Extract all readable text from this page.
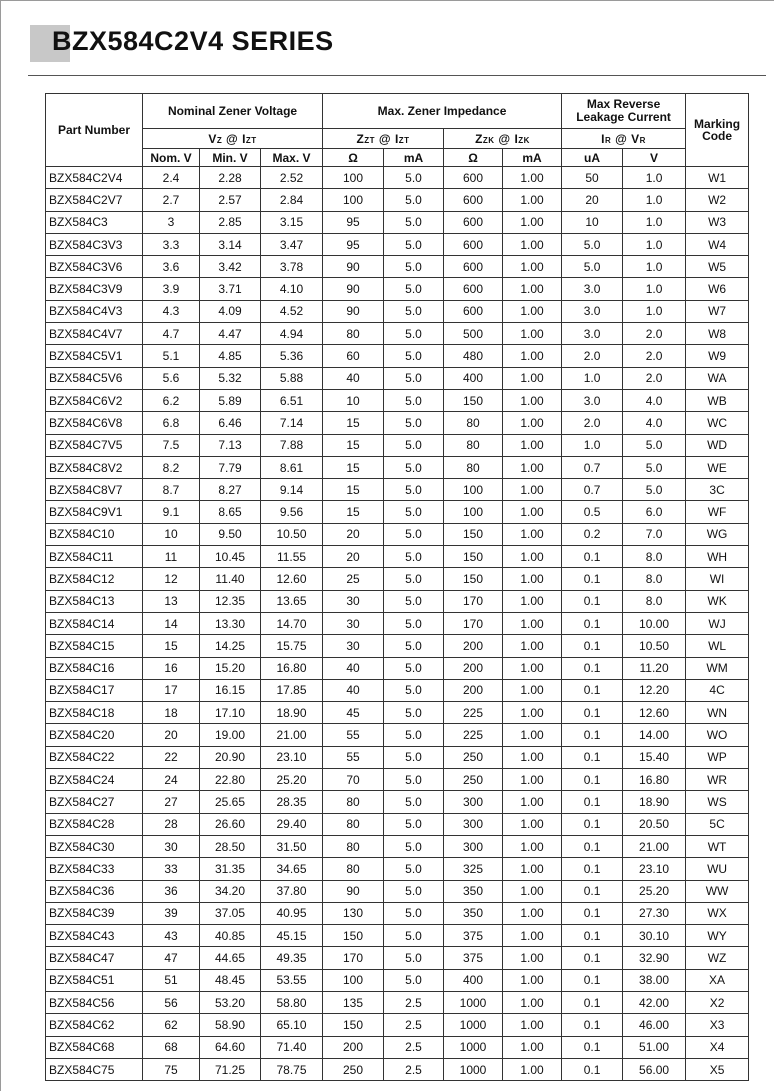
BZX584C2V4 SERIES
Part Number	Nominal Zener Voltage			Max. Zener Impedance				Max Reverse
Leakage Current		Marking
Code
	VZ @ IZT			ZZT @ IZT		ZZK @ IZK		IR @ VR		
	Nom. V	Min. V	Max. V	Ω	mA	Ω	mA	uA	V	
BZX584C2V4	2.4	2.28	2.52	100	5.0	600	1.00	50	1.0	W1
BZX584C2V7	2.7	2.57	2.84	100	5.0	600	1.00	20	1.0	W2
BZX584C3	3	2.85	3.15	95	5.0	600	1.00	10	1.0	W3
BZX584C3V3	3.3	3.14	3.47	95	5.0	600	1.00	5.0	1.0	W4
BZX584C3V6	3.6	3.42	3.78	90	5.0	600	1.00	5.0	1.0	W5
BZX584C3V9	3.9	3.71	4.10	90	5.0	600	1.00	3.0	1.0	W6
BZX584C4V3	4.3	4.09	4.52	90	5.0	600	1.00	3.0	1.0	W7
BZX584C4V7	4.7	4.47	4.94	80	5.0	500	1.00	3.0	2.0	W8
BZX584C5V1	5.1	4.85	5.36	60	5.0	480	1.00	2.0	2.0	W9
BZX584C5V6	5.6	5.32	5.88	40	5.0	400	1.00	1.0	2.0	WA
BZX584C6V2	6.2	5.89	6.51	10	5.0	150	1.00	3.0	4.0	WB
BZX584C6V8	6.8	6.46	7.14	15	5.0	80	1.00	2.0	4.0	WC
BZX584C7V5	7.5	7.13	7.88	15	5.0	80	1.00	1.0	5.0	WD
BZX584C8V2	8.2	7.79	8.61	15	5.0	80	1.00	0.7	5.0	WE
BZX584C8V7	8.7	8.27	9.14	15	5.0	100	1.00	0.7	5.0	3C
BZX584C9V1	9.1	8.65	9.56	15	5.0	100	1.00	0.5	6.0	WF
BZX584C10	10	9.50	10.50	20	5.0	150	1.00	0.2	7.0	WG
BZX584C11	11	10.45	11.55	20	5.0	150	1.00	0.1	8.0	WH
BZX584C12	12	11.40	12.60	25	5.0	150	1.00	0.1	8.0	WI
BZX584C13	13	12.35	13.65	30	5.0	170	1.00	0.1	8.0	WK
BZX584C14	14	13.30	14.70	30	5.0	170	1.00	0.1	10.00	WJ
BZX584C15	15	14.25	15.75	30	5.0	200	1.00	0.1	10.50	WL
BZX584C16	16	15.20	16.80	40	5.0	200	1.00	0.1	11.20	WM
BZX584C17	17	16.15	17.85	40	5.0	200	1.00	0.1	12.20	4C
BZX584C18	18	17.10	18.90	45	5.0	225	1.00	0.1	12.60	WN
BZX584C20	20	19.00	21.00	55	5.0	225	1.00	0.1	14.00	WO
BZX584C22	22	20.90	23.10	55	5.0	250	1.00	0.1	15.40	WP
BZX584C24	24	22.80	25.20	70	5.0	250	1.00	0.1	16.80	WR
BZX584C27	27	25.65	28.35	80	5.0	300	1.00	0.1	18.90	WS
BZX584C28	28	26.60	29.40	80	5.0	300	1.00	0.1	20.50	5C
BZX584C30	30	28.50	31.50	80	5.0	300	1.00	0.1	21.00	WT
BZX584C33	33	31.35	34.65	80	5.0	325	1.00	0.1	23.10	WU
BZX584C36	36	34.20	37.80	90	5.0	350	1.00	0.1	25.20	WW
BZX584C39	39	37.05	40.95	130	5.0	350	1.00	0.1	27.30	WX
BZX584C43	43	40.85	45.15	150	5.0	375	1.00	0.1	30.10	WY
BZX584C47	47	44.65	49.35	170	5.0	375	1.00	0.1	32.90	WZ
BZX584C51	51	48.45	53.55	100	5.0	400	1.00	0.1	38.00	XA
BZX584C56	56	53.20	58.80	135	2.5	1000	1.00	0.1	42.00	X2
BZX584C62	62	58.90	65.10	150	2.5	1000	1.00	0.1	46.00	X3
BZX584C68	68	64.60	71.40	200	2.5	1000	1.00	0.1	51.00	X4
BZX584C75	75	71.25	78.75	250	2.5	1000	1.00	0.1	56.00	X5
